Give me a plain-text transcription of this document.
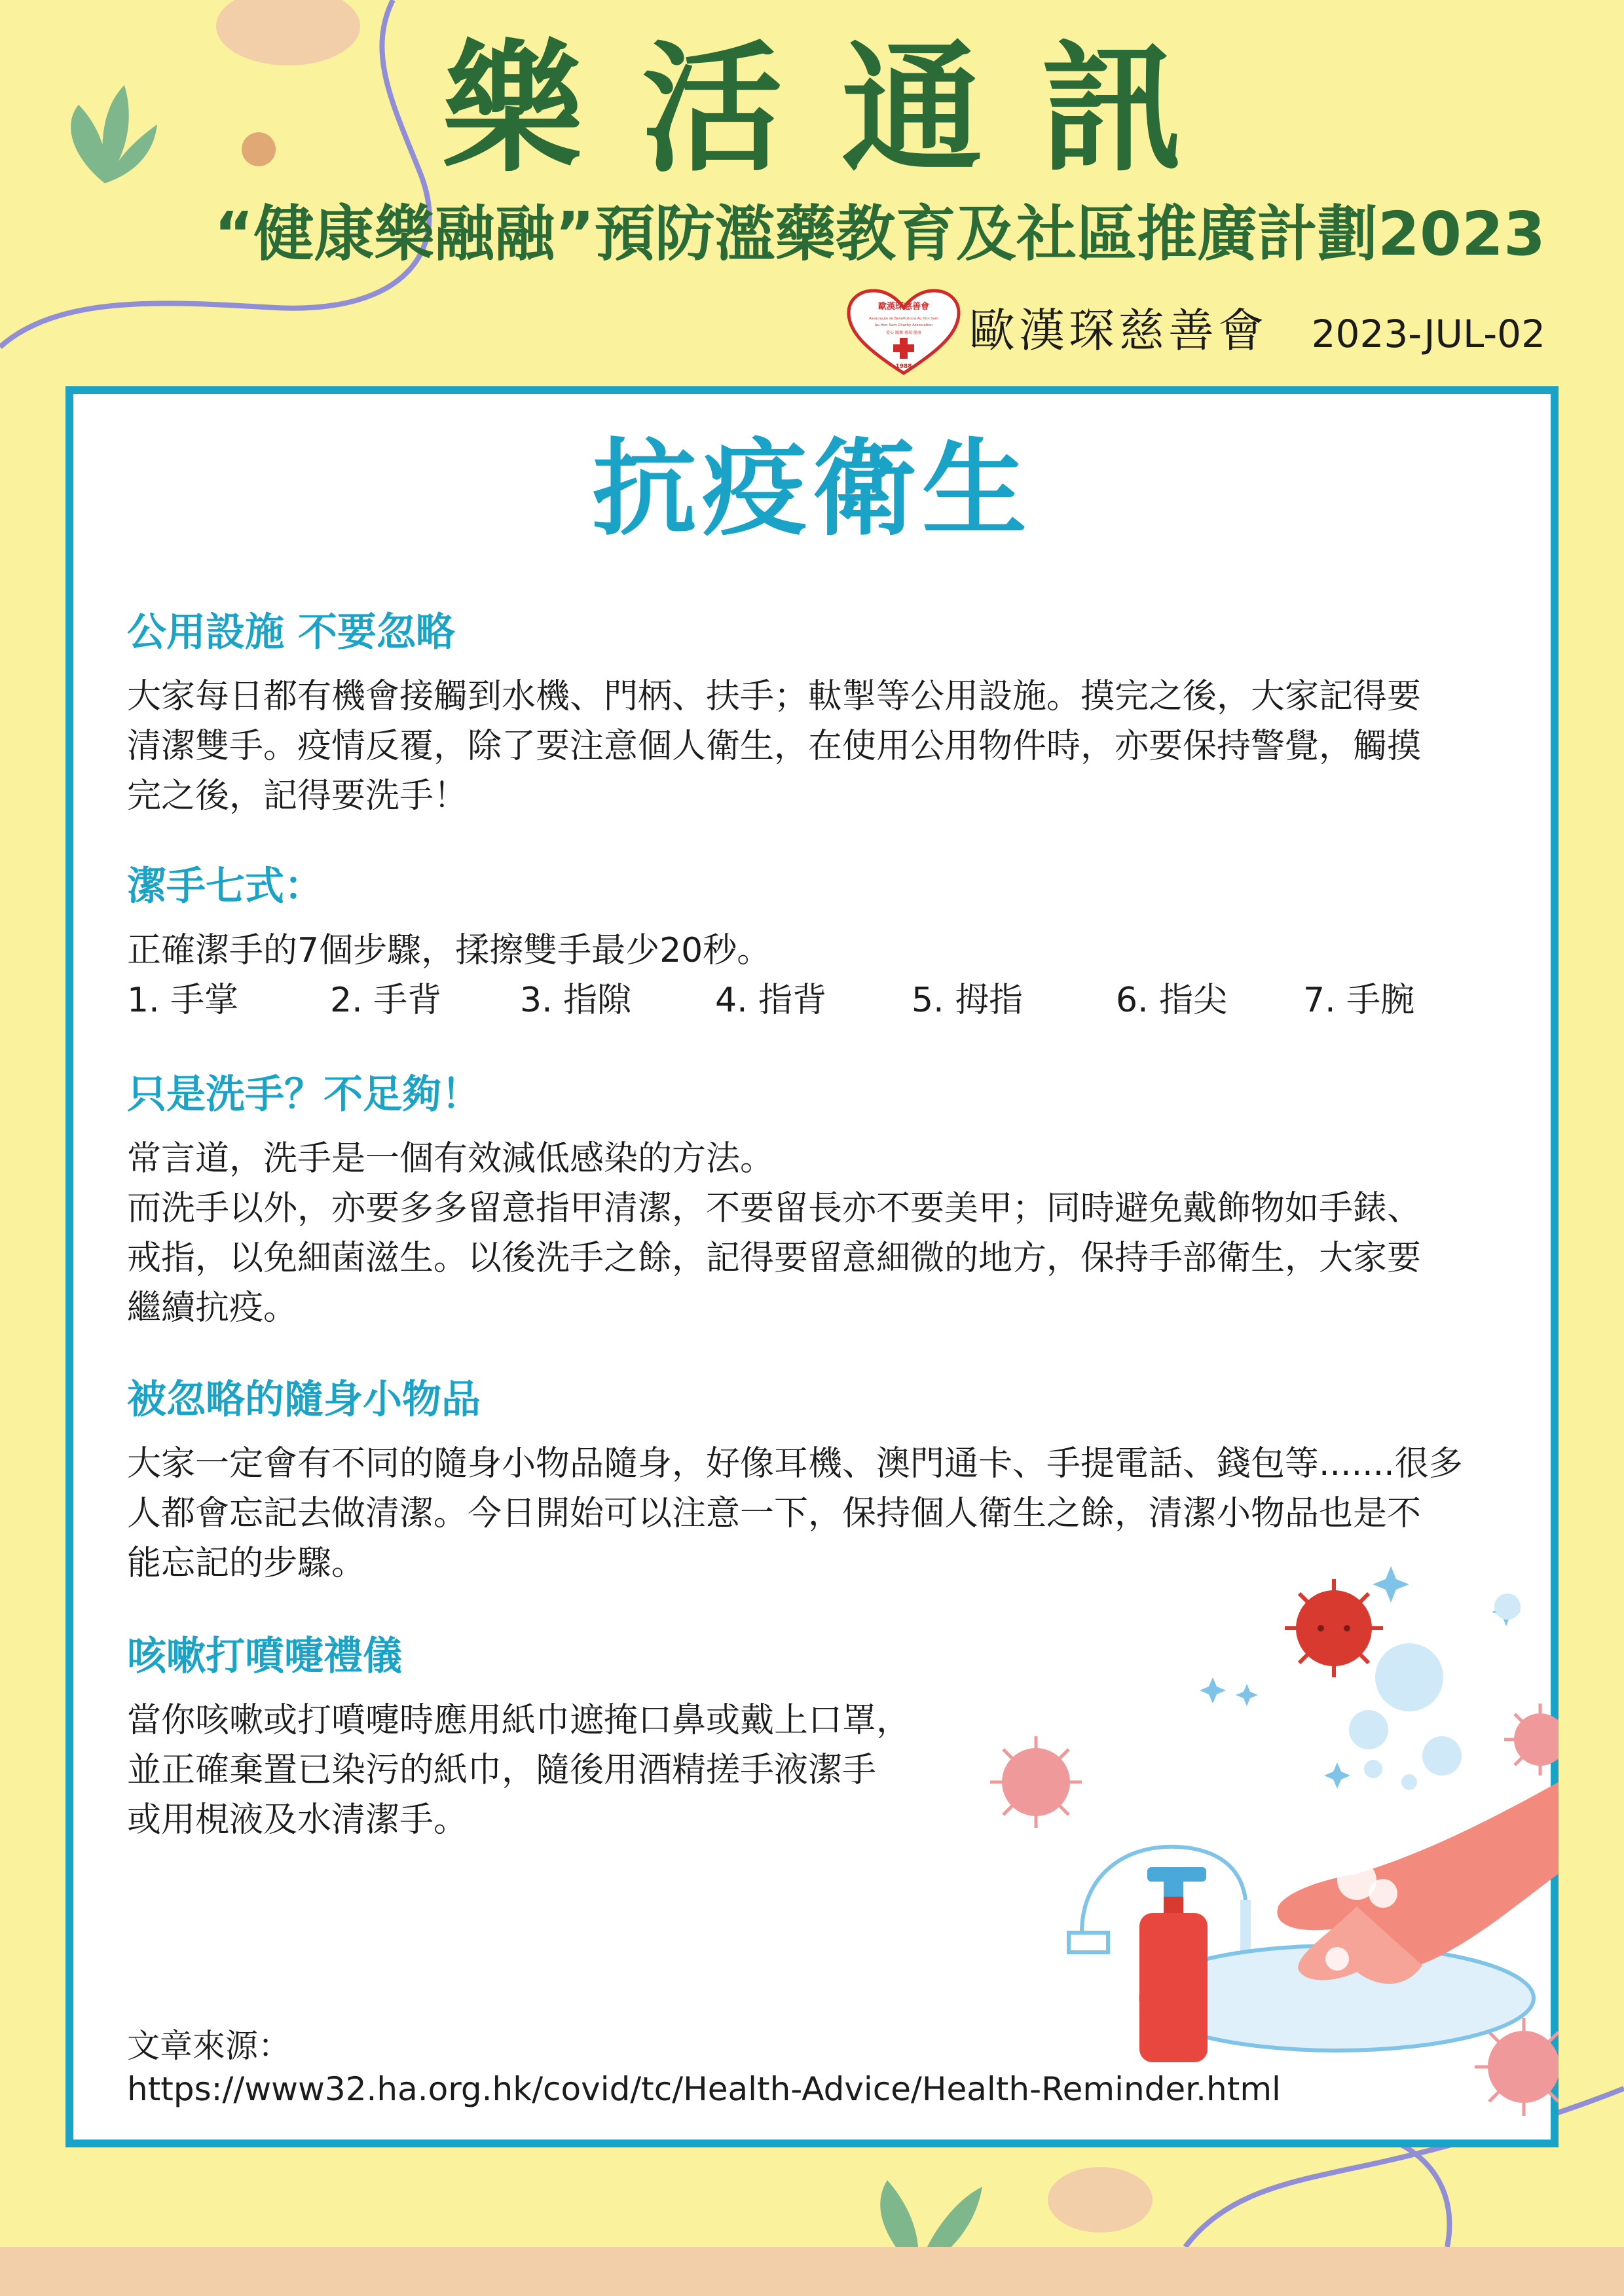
樂活通訊
“健康樂融融”預防濫藥教育及社區推廣計劃2023
歐漢琛慈善會
Associação de Beneficência Au Hon Sam
Au Hon Sam Charity Association
愛心 關懷 孫瑞 健康
1988
歐漢琛慈善會 2023-JUL-02
抗疫衛生
公用設施 不要忽略

大家每日都有機會接觸到水機、門柄、扶手；軚掣等公用設施。摸完之後，大家記得要
清潔雙手。疫情反覆，除了要注意個人衛生，在使用公用物件時，亦要保持警覺，觸摸
完之後，記得要洗手！

潔手七式：

正確潔手的7個步驟，揉擦雙手最少20秒。

1. 手掌	2. 手背 3. 指隙 4. 指背 5. 拇指	6. 指尖 7. 手腕
只是洗手？不足夠！

常言道，洗手是一個有效減低感染的方法。
而洗手以外，亦要多多留意指甲清潔，不要留長亦不要美甲；同時避免戴飾物如手錶、
戒指，以免細菌滋生。以後洗手之餘，記得要留意細微的地方，保持手部衛生，大家要
繼續抗疫。

被忽略的隨身小物品

大家一定會有不同的隨身小物品隨身，好像耳機、澳門通卡、手提電話、錢包等.......很多
人都會忘記去做清潔。今日開始可以注意一下，保持個人衛生之餘，清潔小物品也是不
能忘記的步驟。

咳嗽打噴嚏禮儀

當你咳嗽或打噴嚏時應用紙巾遮掩口鼻或戴上口罩，
並正確棄置已染污的紙巾，隨後用酒精搓手液潔手
或用梘液及水清潔手。

文章來源：
https://www32.ha.org.hk/covid/tc/Health-Advice/Health-Reminder.html
